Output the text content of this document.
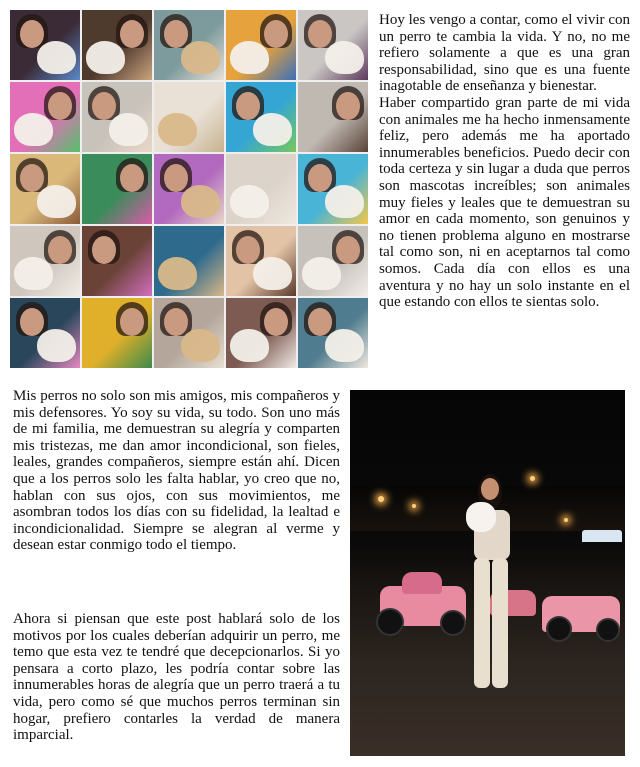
Hoy les vengo a contar, como el vivir con un perro te cambia la vida. Y no, no me refiero solamente a que es una gran responsabilidad, sino que es una fuente inagotable de enseñanza y bienestar.

Haber compartido gran parte de mi vida con animales me ha hecho inmensamente feliz, pero además me ha aportado innumerables beneficios. Puedo decir con toda certeza y sin lugar a duda que perros son mascotas increíbles; son animales muy fieles y leales que te demuestran su amor en cada momento, son genuinos y no tienen problema alguno en mostrarse tal como son, ni en aceptarnos tal como somos. Cada día con ellos es una aventura y no hay un solo instante en el que estando con ellos te sientas solo.

Mis perros no solo son mis amigos, mis compañeros y mis defensores. Yo soy su vida, su todo. Son uno más de mi familia, me demuestran su alegría y comparten mis tristezas, me dan amor incondicional, son fieles, leales, grandes compañeros, siempre están ahí. Dicen que a los perros solo les falta hablar, yo creo que no, hablan con sus ojos, con sus movimientos, me asombran todos los días con su fidelidad, la lealtad e incondicionalidad. Siempre se alegran al verme y desean estar conmigo todo el tiempo.

Ahora si piensan que este post hablará solo de los motivos por los cuales deberían adquirir un perro, me temo que esta vez te tendré que decepcionarlos. Si yo pensara a corto plazo, les podría contar sobre las innumerables horas de alegría que un perro traerá a tu vida, pero como sé que muchos perros terminan sin hogar, prefiero contarles la verdad de manera imparcial.
